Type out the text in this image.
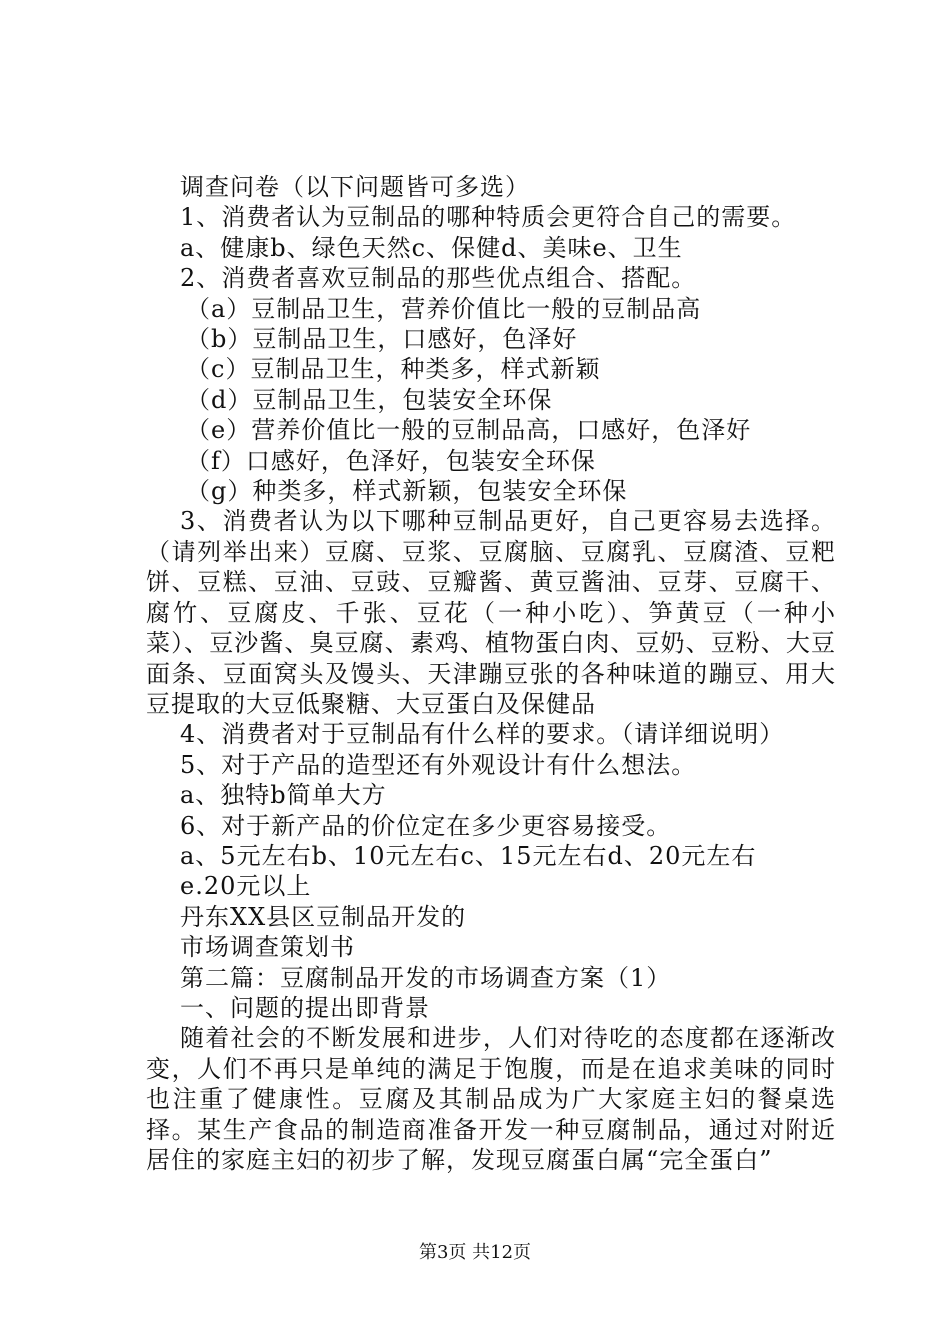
调查问卷（以下问题皆可多选）
1、消费者认为豆制品的哪种特质会更符合自己的需要。
a、健康b、绿色天然c、保健d、美味e、卫生
2、消费者喜欢豆制品的那些优点组合、搭配。
（a）豆制品卫生，营养价值比一般的豆制品高
（b）豆制品卫生，口感好，色泽好
（c）豆制品卫生，种类多，样式新颖
（d）豆制品卫生，包装安全环保
（e）营养价值比一般的豆制品高，口感好，色泽好
（f）口感好，色泽好，包装安全环保
（g）种类多，样式新颖，包装安全环保
3、消费者认为以下哪种豆制品更好，自己更容易去选择。（请列举出来）豆腐、豆浆、豆腐脑、豆腐乳、豆腐渣、豆粑饼、豆糕、豆油、豆豉、豆瓣酱、黄豆酱油、豆芽、豆腐干、腐竹、豆腐皮、千张、豆花（一种小吃）、笋黄豆（一种小菜）、豆沙酱、臭豆腐、素鸡、植物蛋白肉、豆奶、豆粉、大豆面条、豆面窝头及馒头、天津蹦豆张的各种味道的蹦豆、用大豆提取的大豆低聚糖、大豆蛋白及保健品
4、消费者对于豆制品有什么样的要求。（请详细说明）
5、对于产品的造型还有外观设计有什么想法。
a、独特b简单大方
6、对于新产品的价位定在多少更容易接受。
a、5元左右b、10元左右c、15元左右d、20元左右
e.20元以上
丹东XX县区豆制品开发的
市场调查策划书
第二篇：豆腐制品开发的市场调查方案（1）
一、问题的提出即背景
随着社会的不断发展和进步，人们对待吃的态度都在逐渐改变，人们不再只是单纯的满足于饱腹，而是在追求美味的同时也注重了健康性。豆腐及其制品成为广大家庭主妇的餐桌选择。某生产食品的制造商准备开发一种豆腐制品，通过对附近居住的家庭主妇的初步了解，发现豆腐蛋白属“完全蛋白”
第3页 共12页
